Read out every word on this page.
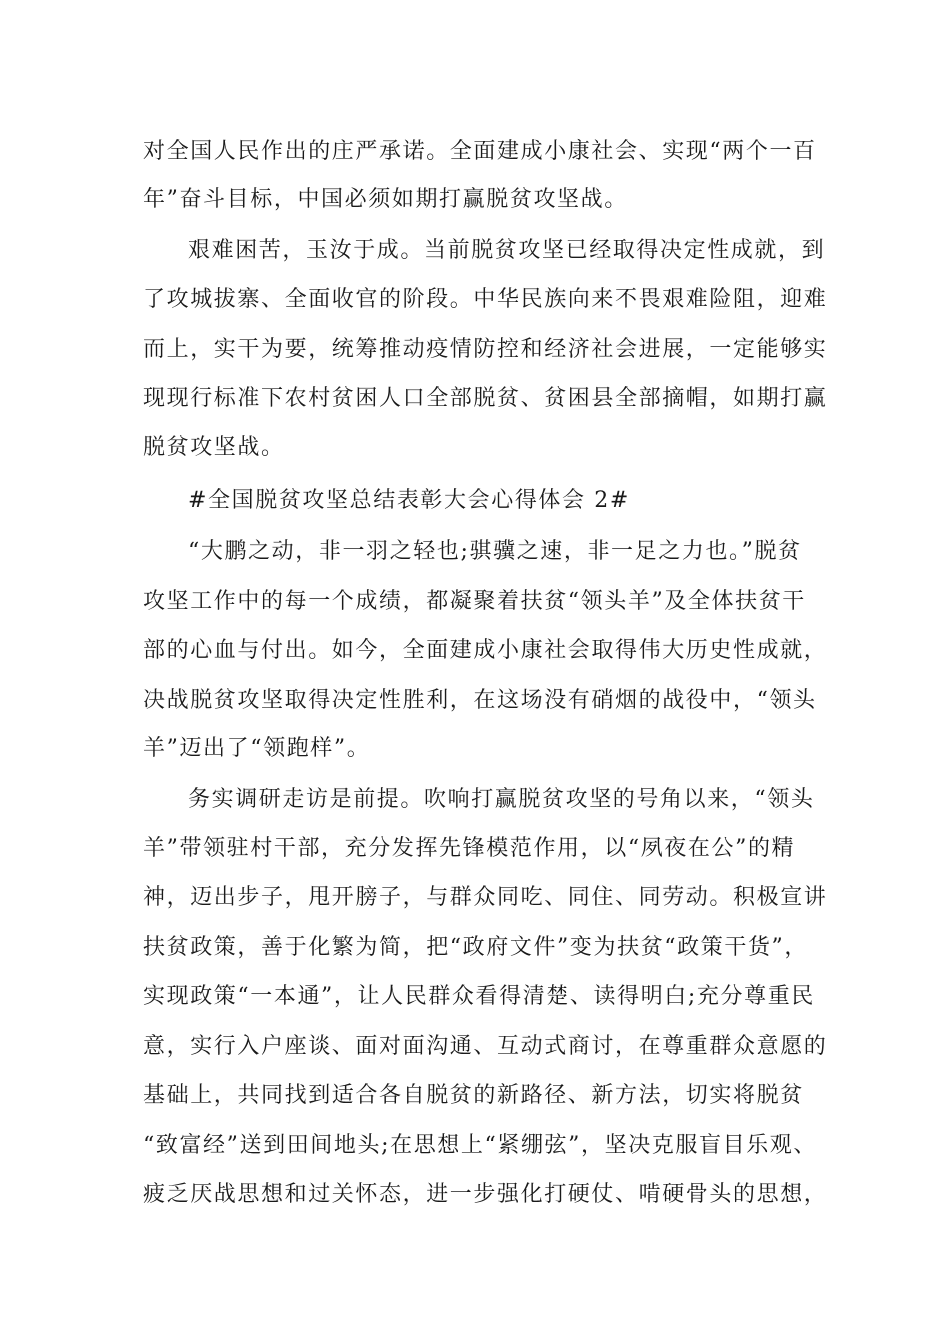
对全国人民作出的庄严承诺。全面建成小康社会、实现“两个一百
年”奋斗目标，中国必须如期打赢脱贫攻坚战。
艰难困苦，玉汝于成。当前脱贫攻坚已经取得决定性成就，到
了攻城拔寨、全面收官的阶段。中华民族向来不畏艰难险阻，迎难
而上，实干为要，统筹推动疫情防控和经济社会进展，一定能够实
现现行标准下农村贫困人口全部脱贫、贫困县全部摘帽，如期打赢
脱贫攻坚战。
#全国脱贫攻坚总结表彰大会心得体会 2#
“大鹏之动，非一羽之轻也;骐骥之速，非一足之力也。”脱贫
攻坚工作中的每一个成绩，都凝聚着扶贫“领头羊”及全体扶贫干
部的心血与付出。如今，全面建成小康社会取得伟大历史性成就，
决战脱贫攻坚取得决定性胜利，在这场没有硝烟的战役中，“领头
羊”迈出了“领跑样”。
务实调研走访是前提。吹响打赢脱贫攻坚的号角以来，“领头
羊”带领驻村干部，充分发挥先锋模范作用，以“夙夜在公”的精
神，迈出步子，甩开膀子，与群众同吃、同住、同劳动。积极宣讲
扶贫政策，善于化繁为简，把“政府文件”变为扶贫“政策干货”，
实现政策“一本通”，让人民群众看得清楚、读得明白;充分尊重民
意，实行入户座谈、面对面沟通、互动式商讨，在尊重群众意愿的
基础上，共同找到适合各自脱贫的新路径、新方法，切实将脱贫
“致富经”送到田间地头;在思想上“紧绷弦”，坚决克服盲目乐观、
疲乏厌战思想和过关怀态，进一步强化打硬仗、啃硬骨头的思想，
